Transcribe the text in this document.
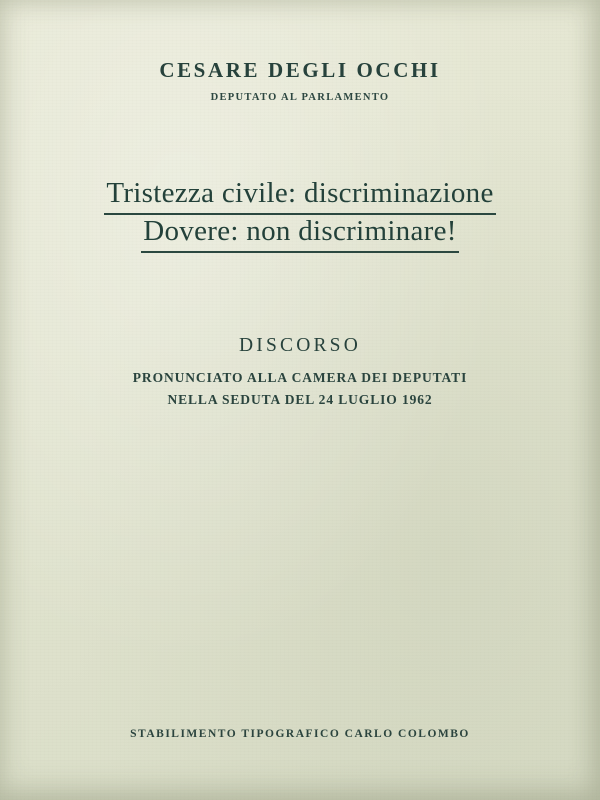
CESARE DEGLI OCCHI
DEPUTATO AL PARLAMENTO
Tristezza civile: discriminazione
Dovere: non discriminare!
DISCORSO
PRONUNCIATO ALLA CAMERA DEI DEPUTATI
NELLA SEDUTA DEL 24 LUGLIO 1962
STABILIMENTO TIPOGRAFICO CARLO COLOMBO
